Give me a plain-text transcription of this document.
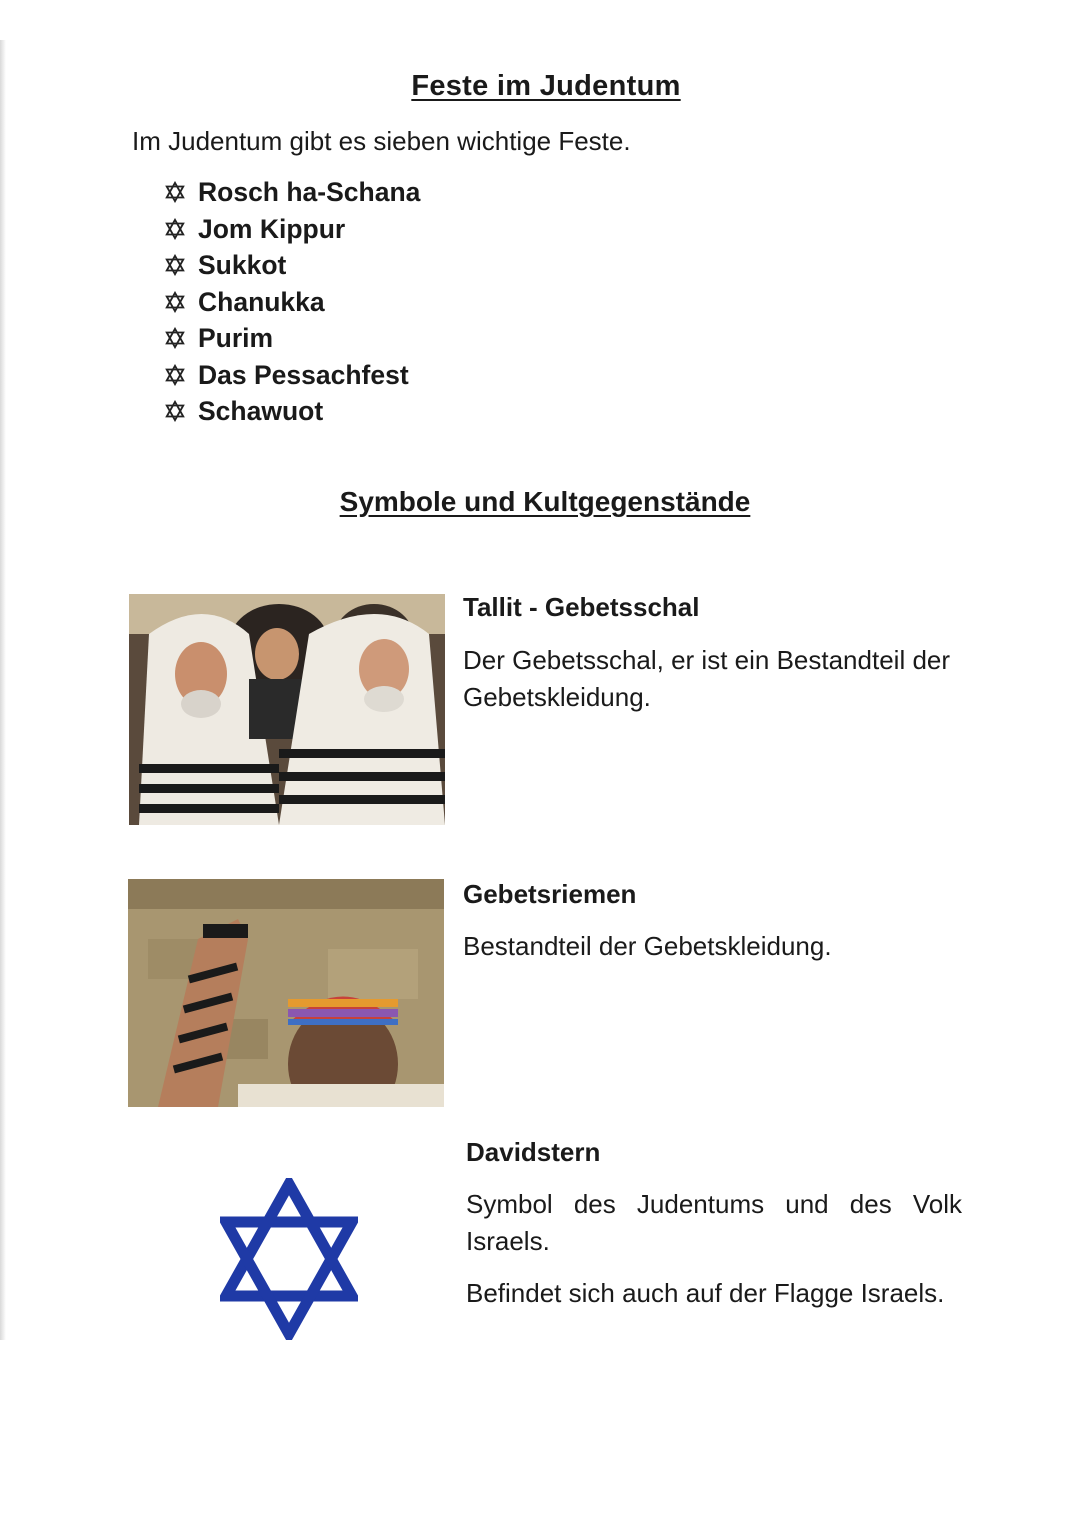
Feste im Judentum
Im Judentum gibt es sieben wichtige Feste.
Rosch ha-Schana
Jom Kippur
Sukkot
Chanukka
Purim
Das Pessachfest
Schawuot
Symbole und Kultgegenstände
Tallit - Gebetsschal
Der Gebetsschal, er ist ein Bestandteil der Gebetskleidung.
Gebetsriemen
Bestandteil der Gebetskleidung.
Davidstern
Symbol des Judentums und des Volk Israels.
Befindet sich auch auf der Flagge Israels.
